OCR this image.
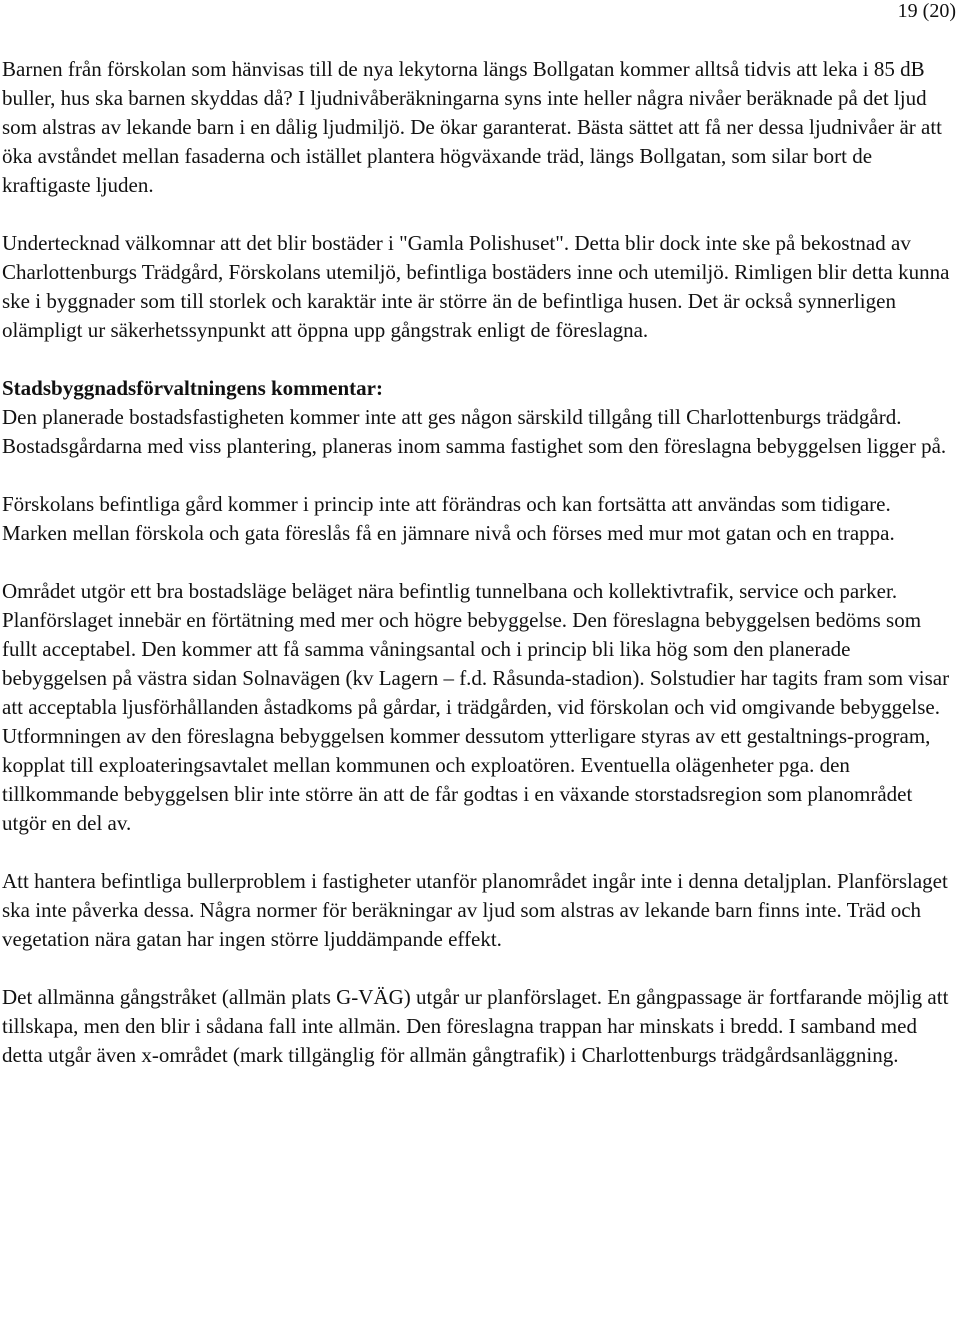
19 (20)

Barnen från förskolan som hänvisas till de nya lekytorna längs Bollgatan kommer alltså tidvis att leka i 85 dB buller, hus ska barnen skyddas då? I ljudnivåberäkningarna syns inte heller några nivåer beräknade på det ljud som alstras av lekande barn i en dålig ljudmiljö. De ökar garanterat. Bästa sättet att få ner dessa ljudnivåer är att öka avståndet mellan fasaderna och istället plantera högväxande träd, längs Bollgatan, som silar bort de kraftigaste ljuden.

Undertecknad välkomnar att det blir bostäder i "Gamla Polishuset". Detta blir dock inte ske på bekostnad av Charlottenburgs Trädgård, Förskolans utemiljö, befintliga bostäders inne och utemiljö. Rimligen blir detta kunna ske i byggnader som till storlek och karaktär inte är större än de befintliga husen. Det är också synnerligen olämpligt ur säkerhetssynpunkt att öppna upp gångstrak enligt de föreslagna.

Stadsbyggnadsförvaltningens kommentar:
Den planerade bostadsfastigheten kommer inte att ges någon särskild tillgång till Charlottenburgs trädgård. Bostadsgårdarna med viss plantering, planeras inom samma fastighet som den föreslagna bebyggelsen ligger på.

Förskolans befintliga gård kommer i princip inte att förändras och kan fortsätta att användas som tidigare. Marken mellan förskola och gata föreslås få en jämnare nivå och förses med mur mot gatan och en trappa.

Området utgör ett bra bostadsläge beläget nära befintlig tunnelbana och kollektivtrafik, service och parker. Planförslaget innebär en förtätning med mer och högre bebyggelse. Den föreslagna bebyggelsen bedöms som fullt acceptabel. Den kommer att få samma våningsantal och i princip bli lika hög som den planerade bebyggelsen på västra sidan Solnavägen (kv Lagern – f.d. Råsunda-stadion). Solstudier har tagits fram som visar att acceptabla ljusförhållanden åstadkoms på gårdar, i trädgården, vid förskolan och vid omgivande bebyggelse. Utformningen av den föreslagna bebyggelsen kommer dessutom ytterligare styras av ett gestaltnings-program, kopplat till exploateringsavtalet mellan kommunen och exploatören. Eventuella olägenheter pga. den tillkommande bebyggelsen blir inte större än att de får godtas i en växande storstadsregion som planområdet utgör en del av.

Att hantera befintliga bullerproblem i fastigheter utanför planområdet ingår inte i denna detaljplan. Planförslaget ska inte påverka dessa. Några normer för beräkningar av ljud som alstras av lekande barn finns inte. Träd och vegetation nära gatan har ingen större ljuddämpande effekt.

Det allmänna gångstråket (allmän plats G-VÄG) utgår ur planförslaget. En gångpassage är fortfarande möjlig att tillskapa, men den blir i sådana fall inte allmän. Den föreslagna trappan har minskats i bredd. I samband med detta utgår även x-området (mark tillgänglig för allmän gångtrafik) i Charlottenburgs trädgårdsanläggning.
